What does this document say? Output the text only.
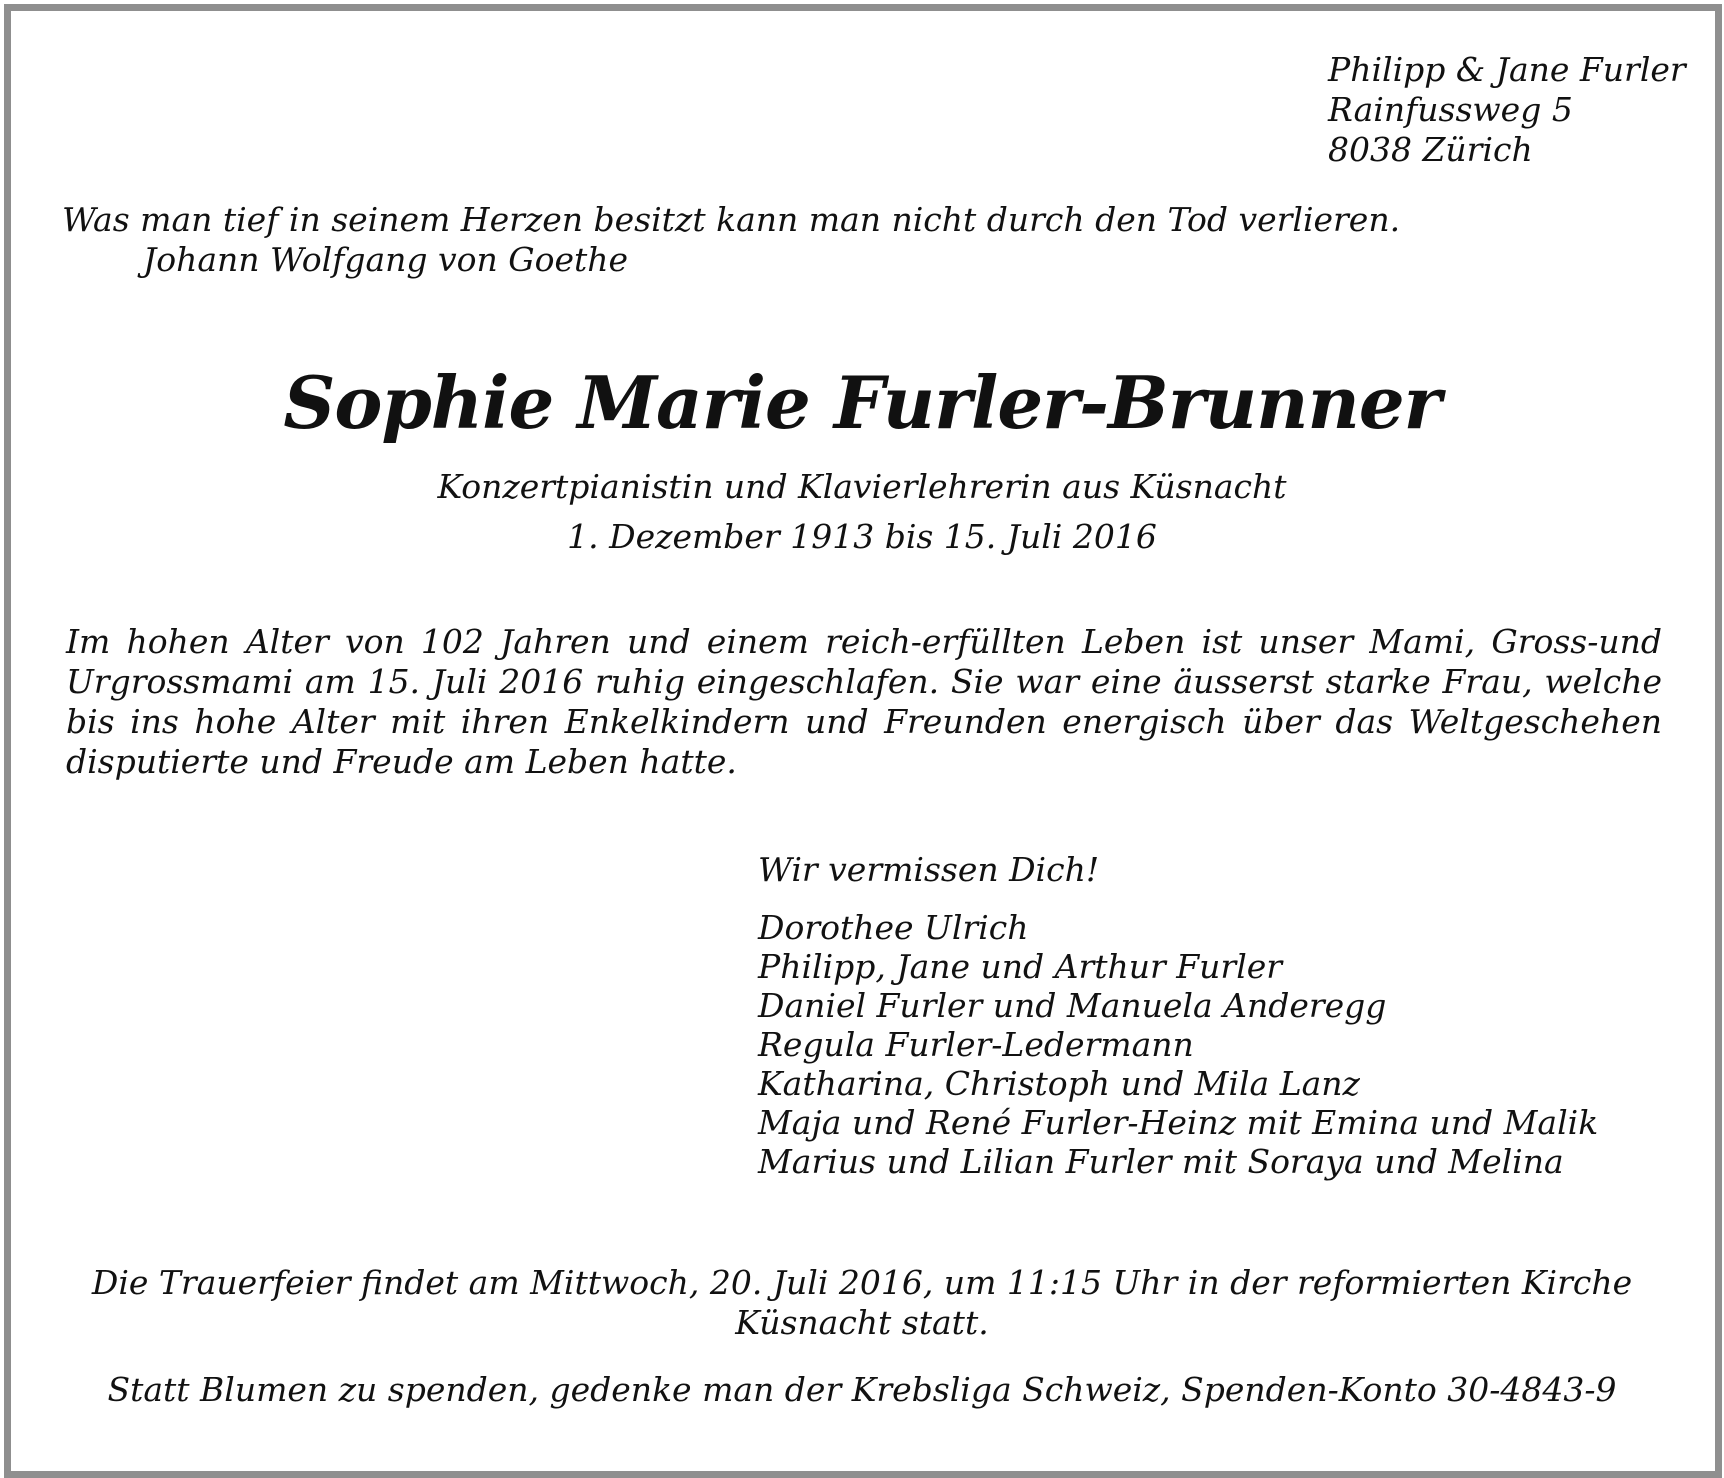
Philipp & Jane Furler
Rainfussweg 5
8038 Zürich
Was man tief in seinem Herzen besitzt kann man nicht durch den Tod verlieren.
Johann Wolfgang von Goethe
Sophie Marie Furler-Brunner
Konzertpianistin und Klavierlehrerin aus Küsnacht
1. Dezember 1913 bis 15. Juli 2016
Im hohen Alter von 102 Jahren und einem reich-erfüllten Leben ist unser Mami, Gross-und Urgrossmami am 15. Juli 2016 ruhig eingeschlafen. Sie war eine äusserst starke Frau, welche bis ins hohe Alter mit ihren Enkelkindern und Freunden energisch über das Weltgeschehen disputierte und Freude am Leben hatte.
Wir vermissen Dich!
Dorothee Ulrich
Philipp, Jane und Arthur Furler
Daniel Furler und Manuela Anderegg
Regula Furler-Ledermann
Katharina, Christoph und Mila Lanz
Maja und René Furler-Heinz mit Emina und Malik
Marius und Lilian Furler mit Soraya und Melina
Die Trauerfeier findet am Mittwoch, 20. Juli 2016, um 11:15 Uhr in der reformierten Kirche Küsnacht statt.
Statt Blumen zu spenden, gedenke man der Krebsliga Schweiz, Spenden-Konto 30-4843-9
